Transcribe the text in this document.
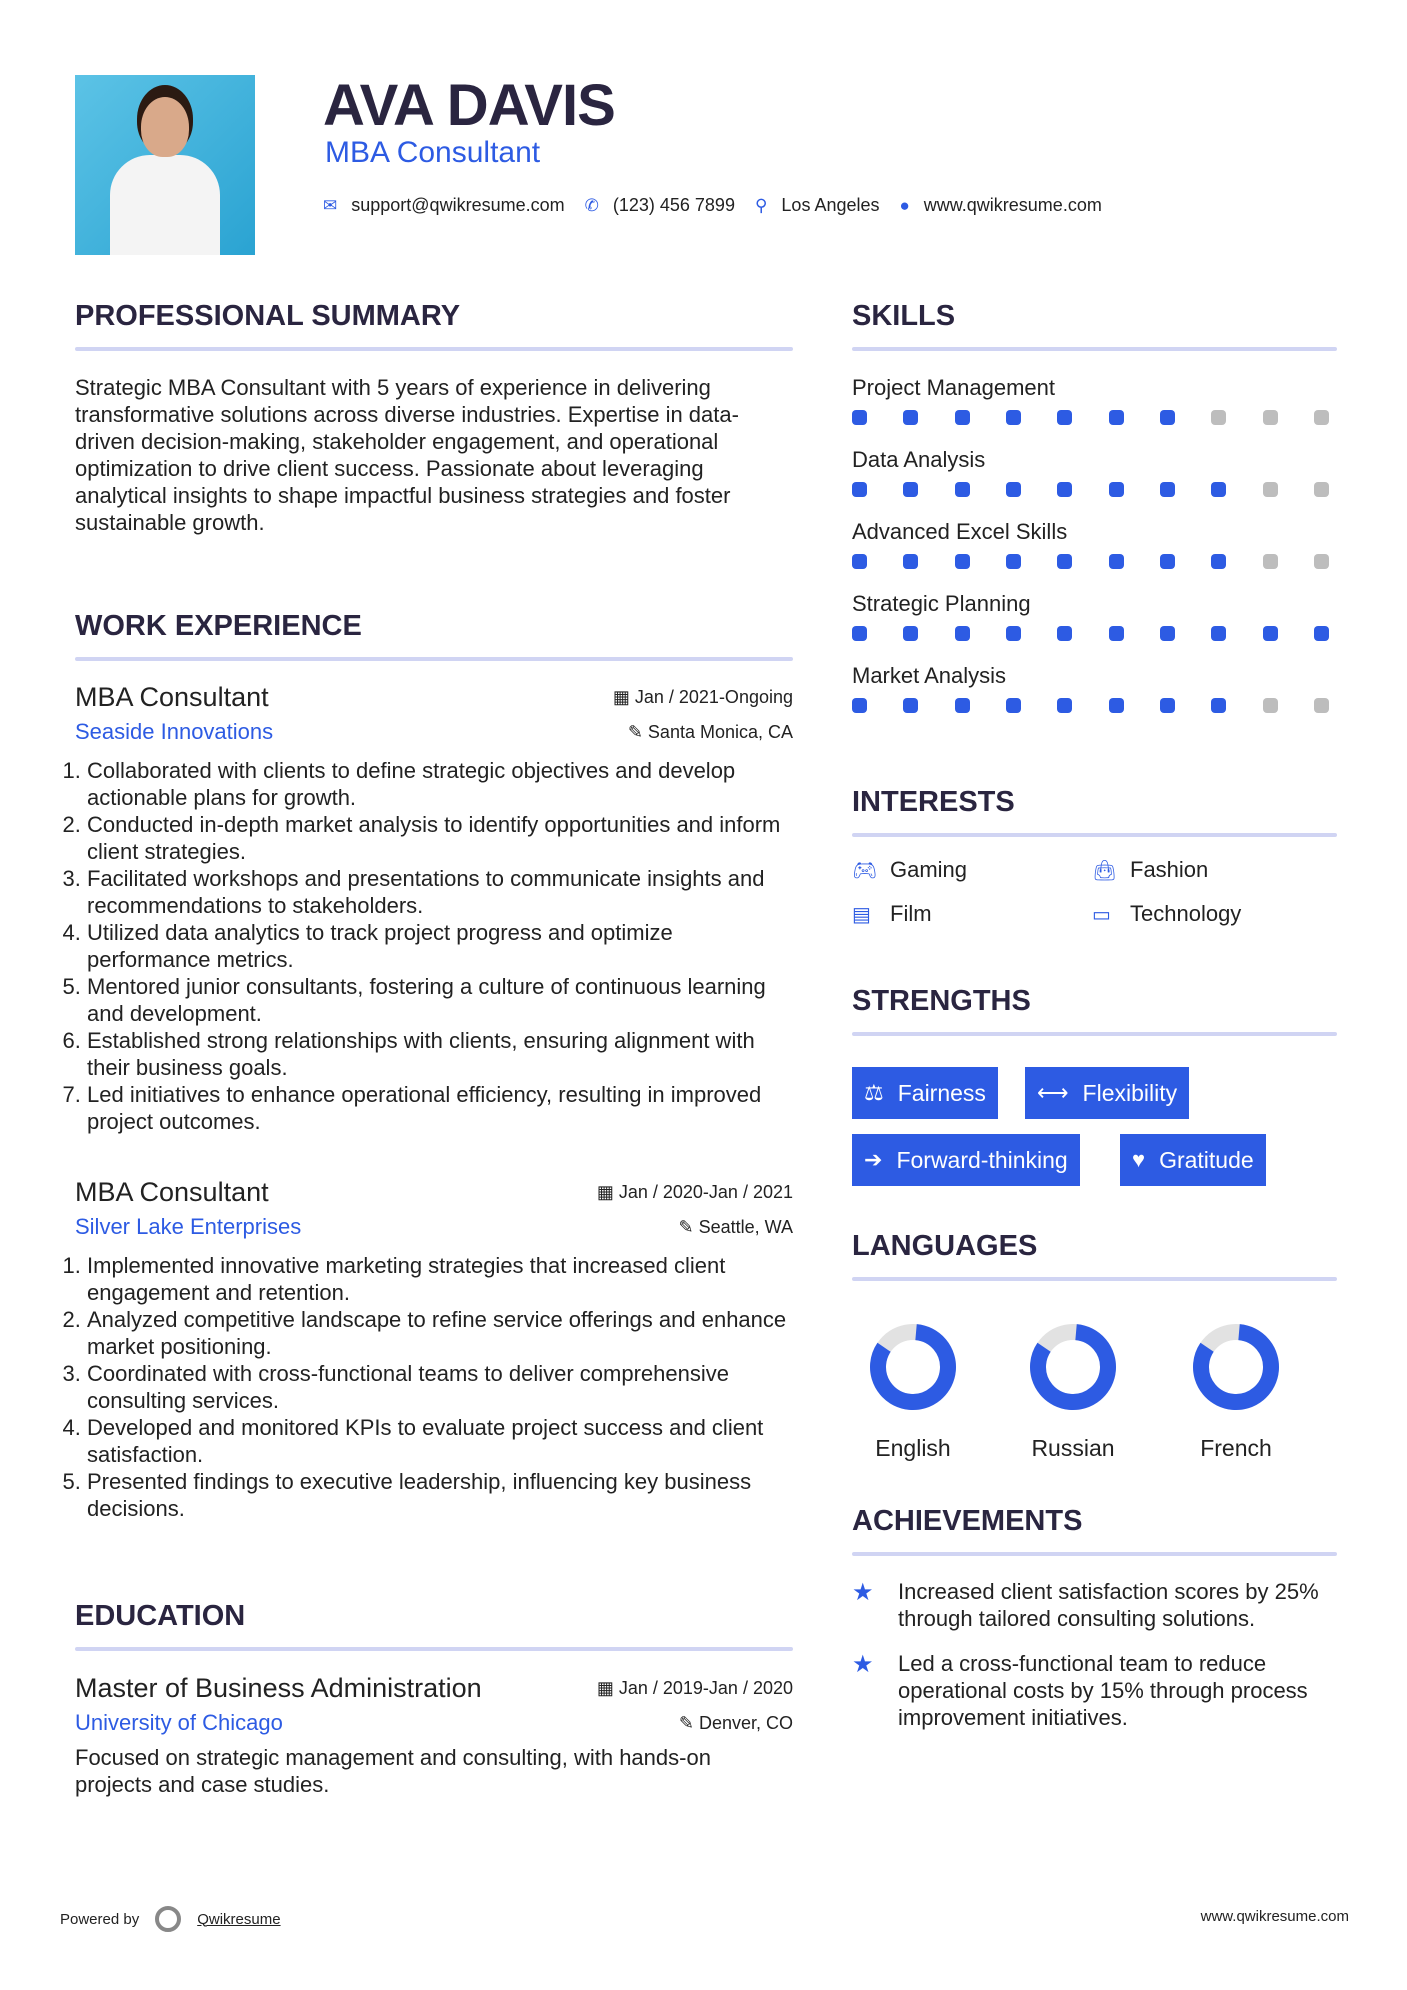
AVA DAVIS
MBA Consultant
✉ support@qwikresume.com ✆ (123) 456 7899 ⚲ Los Angeles ● www.qwikresume.com
PROFESSIONAL SUMMARY
Strategic MBA Consultant with 5 years of experience in delivering transformative solutions across diverse industries. Expertise in data-driven decision-making, stakeholder engagement, and operational optimization to drive client success. Passionate about leveraging analytical insights to shape impactful business strategies and foster sustainable growth.
WORK EXPERIENCE
MBA Consultant	▦ Jan / 2021-Ongoing
Seaside Innovations	✎ Santa Monica, CA
1. Collaborated with clients to define strategic objectives and develop actionable plans for growth.
2. Conducted in-depth market analysis to identify opportunities and inform client strategies.
3. Facilitated workshops and presentations to communicate insights and recommendations to stakeholders.
4. Utilized data analytics to track project progress and optimize performance metrics.
5. Mentored junior consultants, fostering a culture of continuous learning and development.
6. Established strong relationships with clients, ensuring alignment with their business goals.
7. Led initiatives to enhance operational efficiency, resulting in improved project outcomes.
MBA Consultant	▦ Jan / 2020-Jan / 2021
Silver Lake Enterprises	✎ Seattle, WA
1. Implemented innovative marketing strategies that increased client engagement and retention.
2. Analyzed competitive landscape to refine service offerings and enhance market positioning.
3. Coordinated with cross-functional teams to deliver comprehensive consulting services.
4. Developed and monitored KPIs to evaluate project success and client satisfaction.
5. Presented findings to executive leadership, influencing key business decisions.
EDUCATION
Master of Business Administration	▦ Jan / 2019-Jan / 2020
University of Chicago	✎ Denver, CO
Focused on strategic management and consulting, with hands-on projects and case studies.
SKILLS
Project Management
Data Analysis
Advanced Excel Skills
Strategic Planning
Market Analysis
INTERESTS
🎮︎ Gaming	👜︎ Fashion
▤ Film	▭ Technology
STRENGTHS
⚖ Fairness ⟷ Flexibility
➔ Forward-thinking	♥ Gratitude
LANGUAGES
English	Russian	French
ACHIEVEMENTS
★	Increased client satisfaction scores by 25% through tailored consulting solutions.
★	Led a cross-functional team to reduce operational costs by 15% through process improvement initiatives.
Powered by	Qwikresume	www.qwikresume.com
